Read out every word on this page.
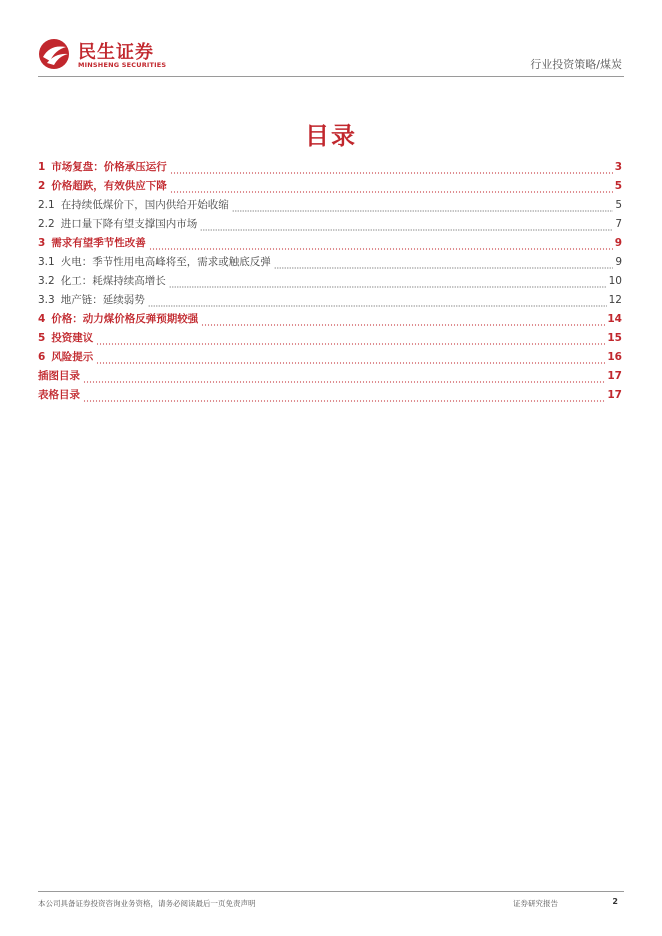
民生证券
MINSHENG SECURITIES	行业投资策略/煤炭
目录
1 市场复盘：价格承压运行	3
2 价格超跌，有效供应下降	5
2.1 在持续低煤价下，国内供给开始收缩	5
2.2 进口量下降有望支撑国内市场	7
3 需求有望季节性改善	9
3.1 火电：季节性用电高峰将至，需求或触底反弹	9
3.2 化工：耗煤持续高增长	10
3.3 地产链：延续弱势	12
4 价格：动力煤价格反弹预期较强	14
5 投资建议	15
6 风险提示	16
插图目录	17
表格目录	17
本公司具备证券投资咨询业务资格，请务必阅读最后一页免责声明	证券研究报告	2
